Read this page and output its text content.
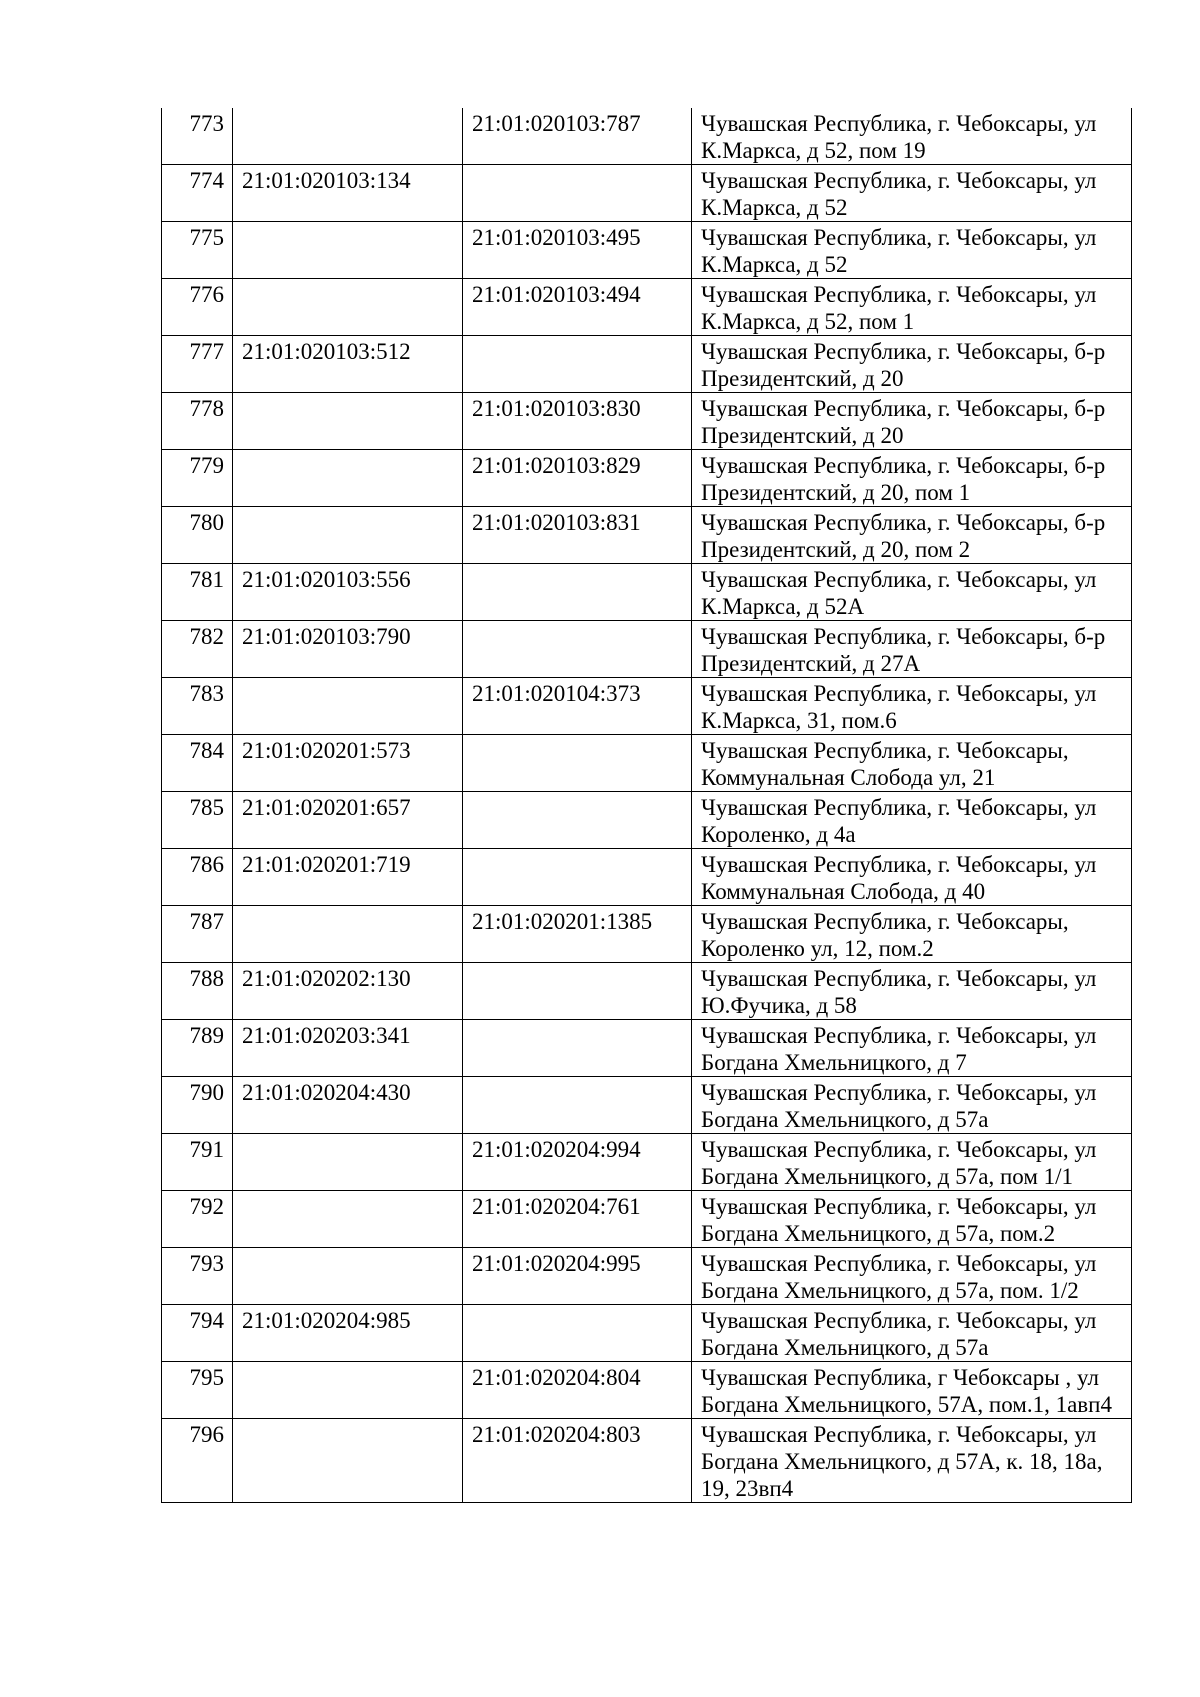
773		21:01:020103:787	Чувашская Республика, г. Чебоксары, ул К.Маркса, д 52, пом 19
774	21:01:020103:134		Чувашская Республика, г. Чебоксары, ул К.Маркса, д 52
775		21:01:020103:495	Чувашская Республика, г. Чебоксары, ул К.Маркса, д 52
776		21:01:020103:494	Чувашская Республика, г. Чебоксары, ул К.Маркса, д 52, пом 1
777	21:01:020103:512		Чувашская Республика, г. Чебоксары, б-р Президентский, д 20
778		21:01:020103:830	Чувашская Республика, г. Чебоксары, б-р Президентский, д 20
779		21:01:020103:829	Чувашская Республика, г. Чебоксары, б-р Президентский, д 20, пом 1
780		21:01:020103:831	Чувашская Республика, г. Чебоксары, б-р Президентский, д 20, пом 2
781	21:01:020103:556		Чувашская Республика, г. Чебоксары, ул К.Маркса, д 52А
782	21:01:020103:790		Чувашская Республика, г. Чебоксары, б-р Президентский, д 27А
783		21:01:020104:373	Чувашская Республика, г. Чебоксары, ул К.Маркса, 31, пом.6
784	21:01:020201:573		Чувашская Республика, г. Чебоксары, Коммунальная Слобода ул, 21
785	21:01:020201:657		Чувашская Республика, г. Чебоксары, ул Короленко, д 4а
786	21:01:020201:719		Чувашская Республика, г. Чебоксары, ул Коммунальная Слобода, д 40
787		21:01:020201:1385	Чувашская Республика, г. Чебоксары, Короленко ул, 12, пом.2
788	21:01:020202:130		Чувашская Республика, г. Чебоксары, ул Ю.Фучика, д 58
789	21:01:020203:341		Чувашская Республика, г. Чебоксары, ул Богдана Хмельницкого, д 7
790	21:01:020204:430		Чувашская Республика, г. Чебоксары, ул Богдана Хмельницкого, д 57а
791		21:01:020204:994	Чувашская Республика, г. Чебоксары, ул Богдана Хмельницкого, д 57а, пом 1/1
792		21:01:020204:761	Чувашская Республика, г. Чебоксары, ул Богдана Хмельницкого, д 57а, пом.2
793		21:01:020204:995	Чувашская Республика, г. Чебоксары, ул Богдана Хмельницкого, д 57а, пом. 1/2
794	21:01:020204:985		Чувашская Республика, г. Чебоксары, ул Богдана Хмельницкого, д 57а
795		21:01:020204:804	Чувашская Республика, г Чебоксары , ул Богдана Хмельницкого, 57А, пом.1, 1авп4
796		21:01:020204:803	Чувашская Республика, г. Чебоксары, ул Богдана Хмельницкого, д 57А, к. 18, 18а, 19, 23вп4
